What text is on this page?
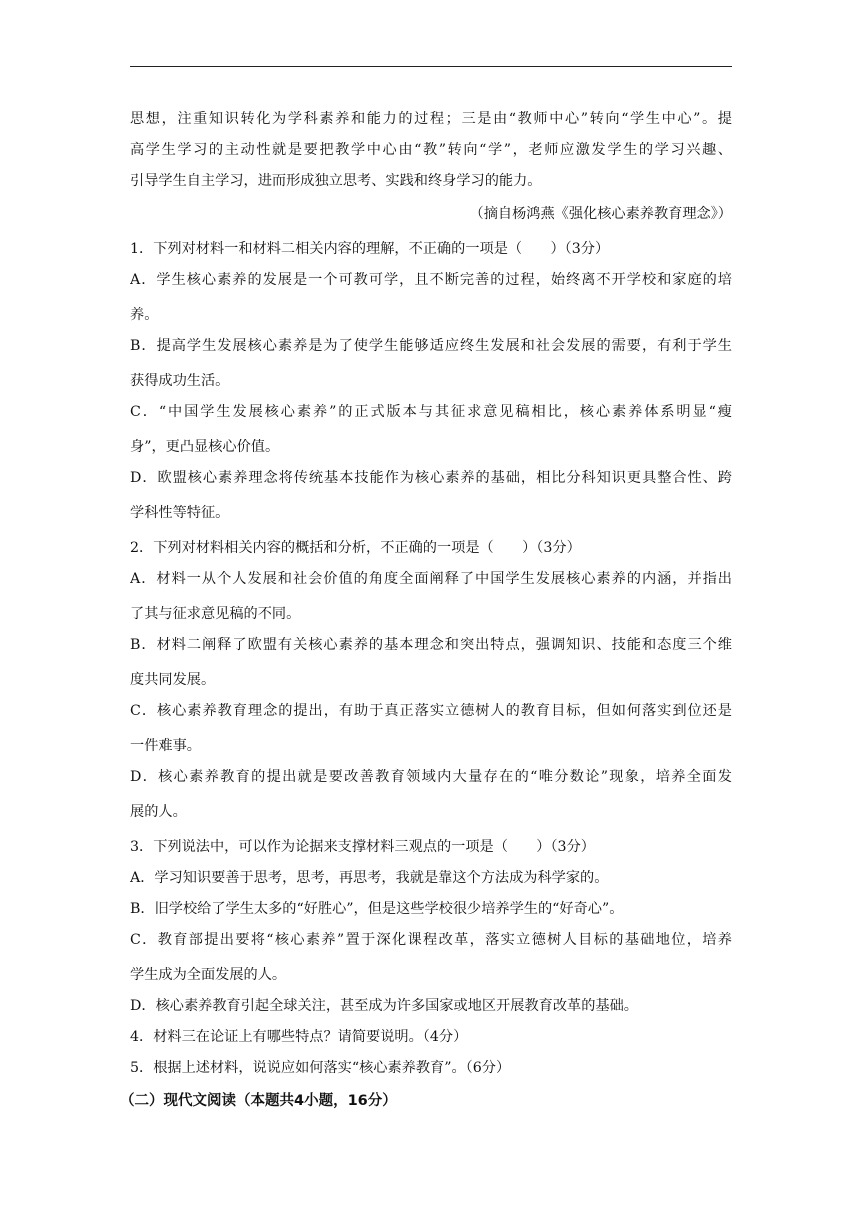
思想，注重知识转化为学科素养和能力的过程；三是由“教师中心”转向“学生中心”。提

高学生学习的主动性就是要把教学中心由“教”转向“学”，老师应激发学生的学习兴趣、

引导学生自主学习，进而形成独立思考、实践和终身学习的能力。

（摘自杨鸿燕《强化核心素养教育理念》）

1．下列对材料一和材料二相关内容的理解，不正确的一项是（　　）（3分）

A．学生核心素养的发展是一个可教可学，且不断完善的过程，始终离不开学校和家庭的培
养。
B．提高学生发展核心素养是为了使学生能够适应终生发展和社会发展的需要，有利于学生
获得成功生活。
C．“中国学生发展核心素养”的正式版本与其征求意见稿相比，核心素养体系明显“瘦
身”，更凸显核心价值。
D．欧盟核心素养理念将传统基本技能作为核心素养的基础，相比分科知识更具整合性、跨
学科性等特征。

2．下列对材料相关内容的概括和分析，不正确的一项是（　　）（3分）

A．材料一从个人发展和社会价值的角度全面阐释了中国学生发展核心素养的内涵，并指出
了其与征求意见稿的不同。
B．材料二阐释了欧盟有关核心素养的基本理念和突出特点，强调知识、技能和态度三个维
度共同发展。
C．核心素养教育理念的提出，有助于真正落实立德树人的教育目标，但如何落实到位还是
一件难事。
D．核心素养教育的提出就是要改善教育领域内大量存在的“唯分数论”现象，培养全面发
展的人。

3．下列说法中，可以作为论据来支撑材料三观点的一项是（　　）（3分）

A．学习知识要善于思考，思考，再思考，我就是靠这个方法成为科学家的。
B．旧学校给了学生太多的“好胜心”，但是这些学校很少培养学生的“好奇心”。
C．教育部提出要将“核心素养”置于深化课程改革，落实立德树人目标的基础地位，培养
学生成为全面发展的人。
D．核心素养教育引起全球关注，甚至成为许多国家或地区开展教育改革的基础。

4．材料三在论证上有哪些特点？请简要说明。（4分）

5．根据上述材料，说说应如何落实“核心素养教育”。（6分）

（二）现代文阅读（本题共4小题，16分）
